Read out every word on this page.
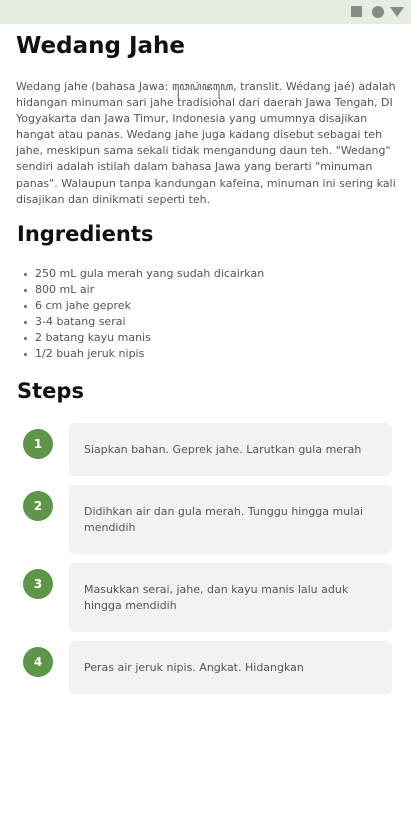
Wedang Jahe

Wedang jahe (bahasa Jawa: ꦮꦺꦝꦁꦗꦲꦺ, translit. Wédang jaé) adalah hidangan minuman sari jahe tradisional dari daerah Jawa Tengah, DI Yogyakarta dan Jawa Timur, Indonesia yang umumnya disajikan hangat atau panas. Wedang jahe juga kadang disebut sebagai teh jahe, meskipun sama sekali tidak mengandung daun teh. "Wedang" sendiri adalah istilah dalam bahasa Jawa yang berarti "minuman panas". Walaupun tanpa kandungan kafeina, minuman ini sering kali disajikan dan dinikmati seperti teh.

Ingredients
250 mL gula merah yang sudah dicairkan
800 mL air
6 cm jahe geprek
3-4 batang serai
2 batang kayu manis
1/2 buah jeruk nipis
Steps
1	Siapkan bahan. Geprek jahe. Larutkan gula merah
2	Didihkan air dan gula merah. Tunggu hingga mulai mendidih
3	Masukkan serai, jahe, dan kayu manis lalu aduk hingga mendidih
4	Peras air jeruk nipis. Angkat. Hidangkan
